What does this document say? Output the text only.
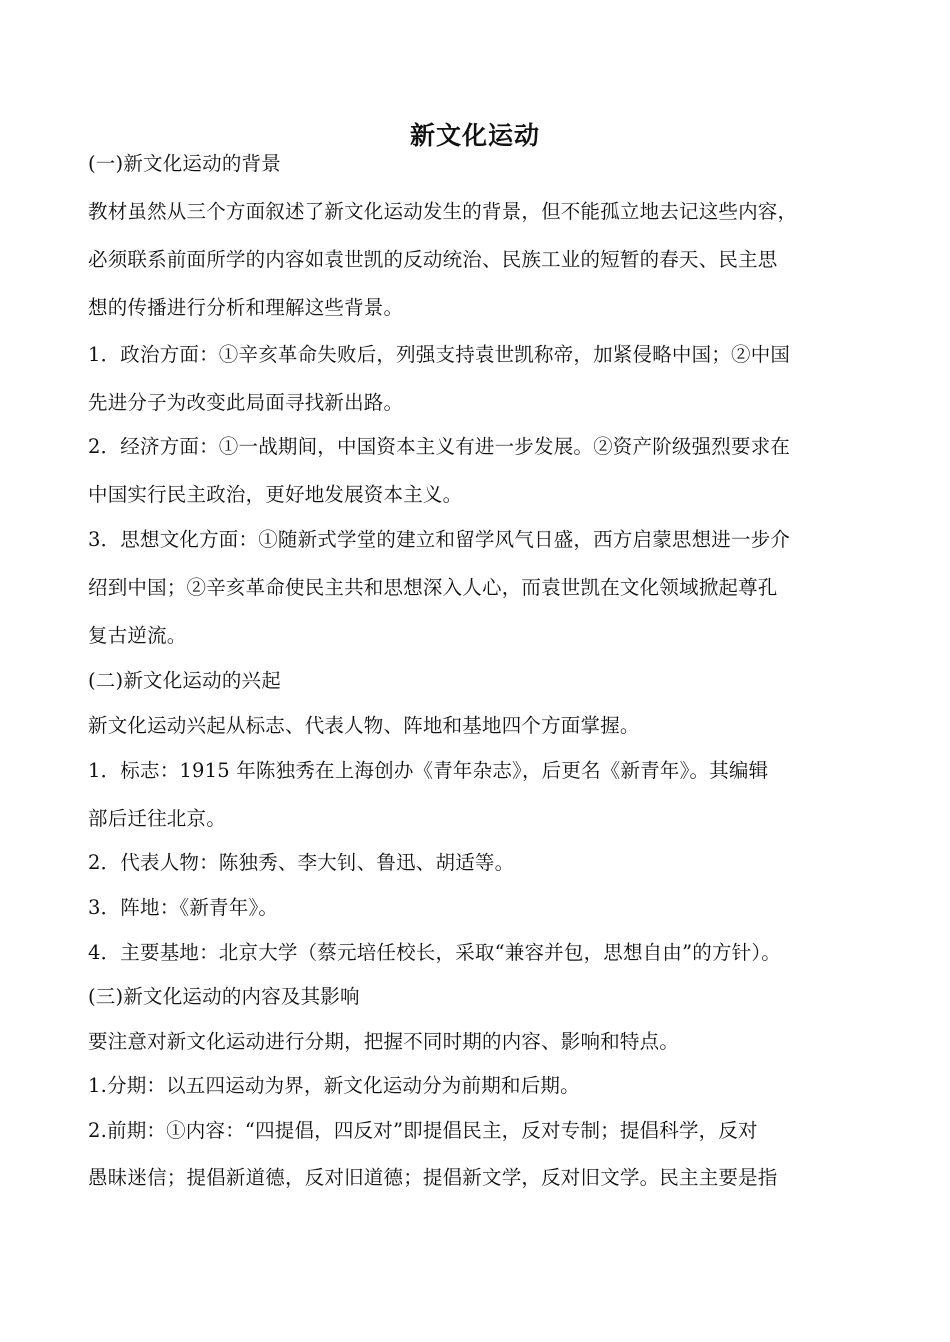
新文化运动
(一)新文化运动的背景
教材虽然从三个方面叙述了新文化运动发生的背景，但不能孤立地去记这些内容，
必须联系前面所学的内容如袁世凯的反动统治、民族工业的短暂的春天、民主思
想的传播进行分析和理解这些背景。
1．政治方面：①辛亥革命失败后，列强支持袁世凯称帝，加紧侵略中国；②中国
先进分子为改变此局面寻找新出路。
2．经济方面：①一战期间，中国资本主义有进一步发展。②资产阶级强烈要求在
中国实行民主政治，更好地发展资本主义。
3．思想文化方面：①随新式学堂的建立和留学风气日盛，西方启蒙思想进一步介
绍到中国；②辛亥革命使民主共和思想深入人心，而袁世凯在文化领域掀起尊孔
复古逆流。
(二)新文化运动的兴起
新文化运动兴起从标志、代表人物、阵地和基地四个方面掌握。
1．标志：1915 年陈独秀在上海创办《青年杂志》，后更名《新青年》。其编辑
部后迁往北京。
2．代表人物：陈独秀、李大钊、鲁迅、胡适等。
3．阵地：《新青年》。
4．主要基地：北京大学（蔡元培任校长，采取“兼容并包，思想自由”的方针）。
(三)新文化运动的内容及其影响
要注意对新文化运动进行分期，把握不同时期的内容、影响和特点。
1.分期：以五四运动为界，新文化运动分为前期和后期。
2.前期：①内容：“四提倡，四反对”即提倡民主，反对专制；提倡科学，反对
愚昧迷信；提倡新道德，反对旧道德；提倡新文学，反对旧文学。民主主要是指
